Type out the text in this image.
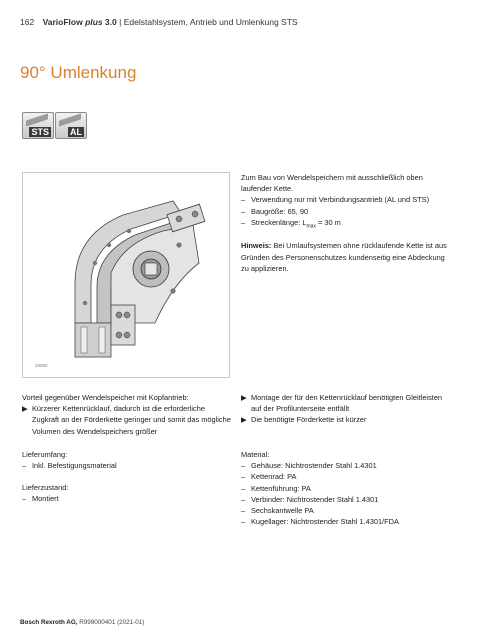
162 VarioFlow plus 3.0 | Edelstahlsystem, Antrieb und Umlenkung STS
90° Umlenkung
STS AL
34060

Zum Bau von Wendelspeichern mit ausschließlich oben laufender Kette.

– Verwendung nur mit Verbindungsantrieb (AL und STS)
– Baugröße: 65, 90
– Streckenlänge: $L_{max} = 30$ m

Hinweis: Bei Umlaufsystemen ohne rücklaufende Kette ist aus Gründen des Personenschutzes kundenseitig eine Abdeckung zu applizieren.

Vorteil gegenüber Wendelspeicher mit Kopfantrieb:

▶ Kürzerer Kettenrücklauf, dadurch ist die erforderliche Zugkraft an der Förderkette geringer und somit das mögliche Volumen des Wendelspeichers größer
▶ Montage der für den Kettenrücklauf benötigten Gleitleisten auf der Profilunterseite entfällt
▶ Die benötigte Förderkette ist kürzer

Lieferumfang:

– Inkl. Befestigungsmaterial

Lieferzustand:

– Montiert

Material:

– Gehäuse: Nichtrostender Stahl 1.4301
– Kettenrad: PA
– Kettenführung: PA
– Verbinder: Nichtrostender Stahl 1.4301
– Sechskantwelle PA
– Kugellager: Nichtrostender Stahl 1.4301/FDA
Bosch Rexroth AG, R999000401 (2021-01)
